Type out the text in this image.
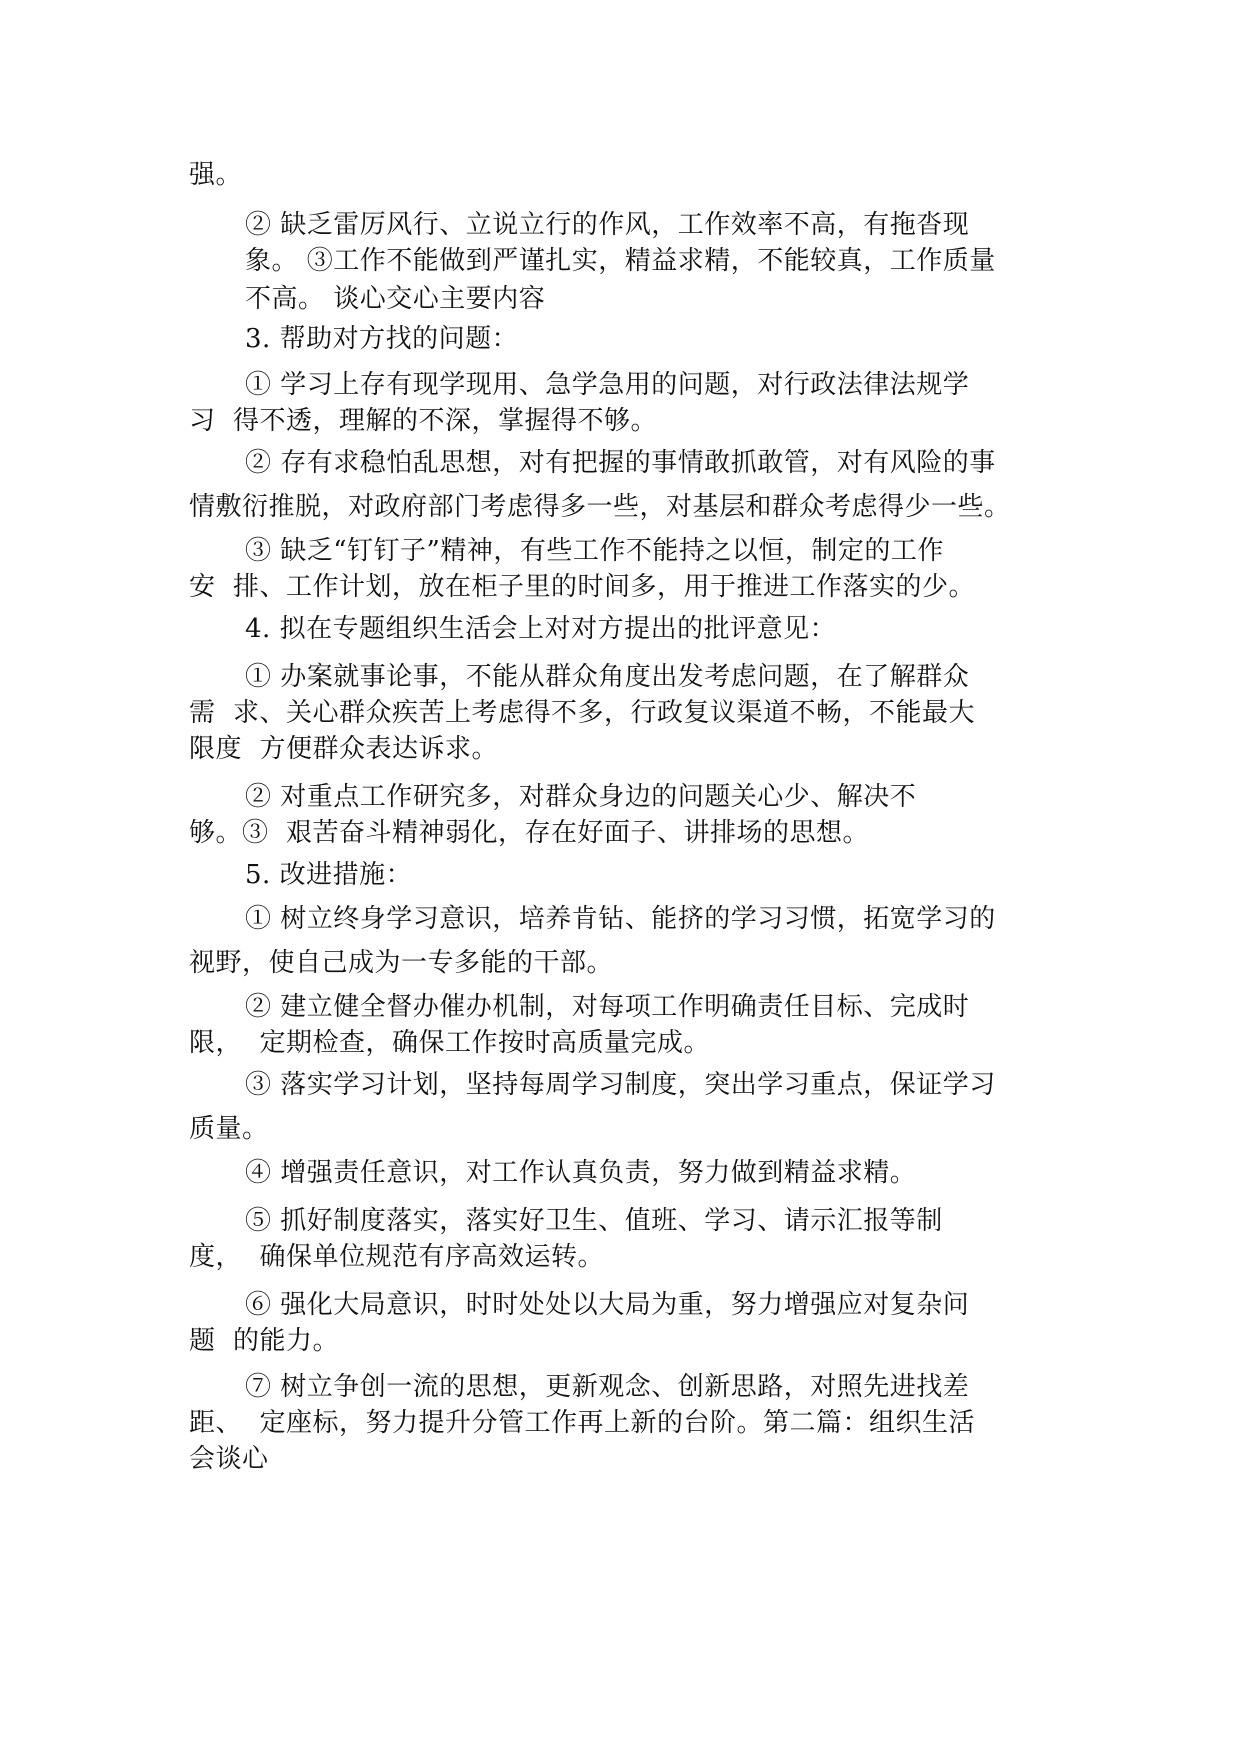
强。
② 缺乏雷厉风行、立说立行的作风，工作效率不高，有拖沓现
象。 ③工作不能做到严谨扎实，精益求精，不能较真，工作质量
不高。 谈心交心主要内容
3. 帮助对方找的问题：
① 学习上存有现学现用、急学急用的问题，对行政法律法规学
习  得不透，理解的不深，掌握得不够。
② 存有求稳怕乱思想，对有把握的事情敢抓敢管，对有风险的事
情敷衍推脱，对政府部门考虑得多一些，对基层和群众考虑得少一些。
③ 缺乏“钉钉子”精神，有些工作不能持之以恒，制定的工作
安  排、工作计划，放在柜子里的时间多，用于推进工作落实的少。
4. 拟在专题组织生活会上对对方提出的批评意见：
① 办案就事论事，不能从群众角度出发考虑问题，在了解群众
需  求、关心群众疾苦上考虑得不多，行政复议渠道不畅，不能最大
限度  方便群众表达诉求。
② 对重点工作研究多，对群众身边的问题关心少、解决不
够。③  艰苦奋斗精神弱化，存在好面子、讲排场的思想。
5. 改进措施：
① 树立终身学习意识，培养肯钻、能挤的学习习惯，拓宽学习的
视野，使自己成为一专多能的干部。
② 建立健全督办催办机制，对每项工作明确责任目标、完成时
限，  定期检查，确保工作按时高质量完成。
③ 落实学习计划，坚持每周学习制度，突出学习重点，保证学习
质量。
④ 增强责任意识，对工作认真负责，努力做到精益求精。
⑤ 抓好制度落实，落实好卫生、值班、学习、请示汇报等制
度，  确保单位规范有序高效运转。
⑥ 强化大局意识，时时处处以大局为重，努力增强应对复杂问
题  的能力。
⑦ 树立争创一流的思想，更新观念、创新思路，对照先进找差
距、  定座标，努力提升分管工作再上新的台阶。第二篇：组织生活
会谈心
